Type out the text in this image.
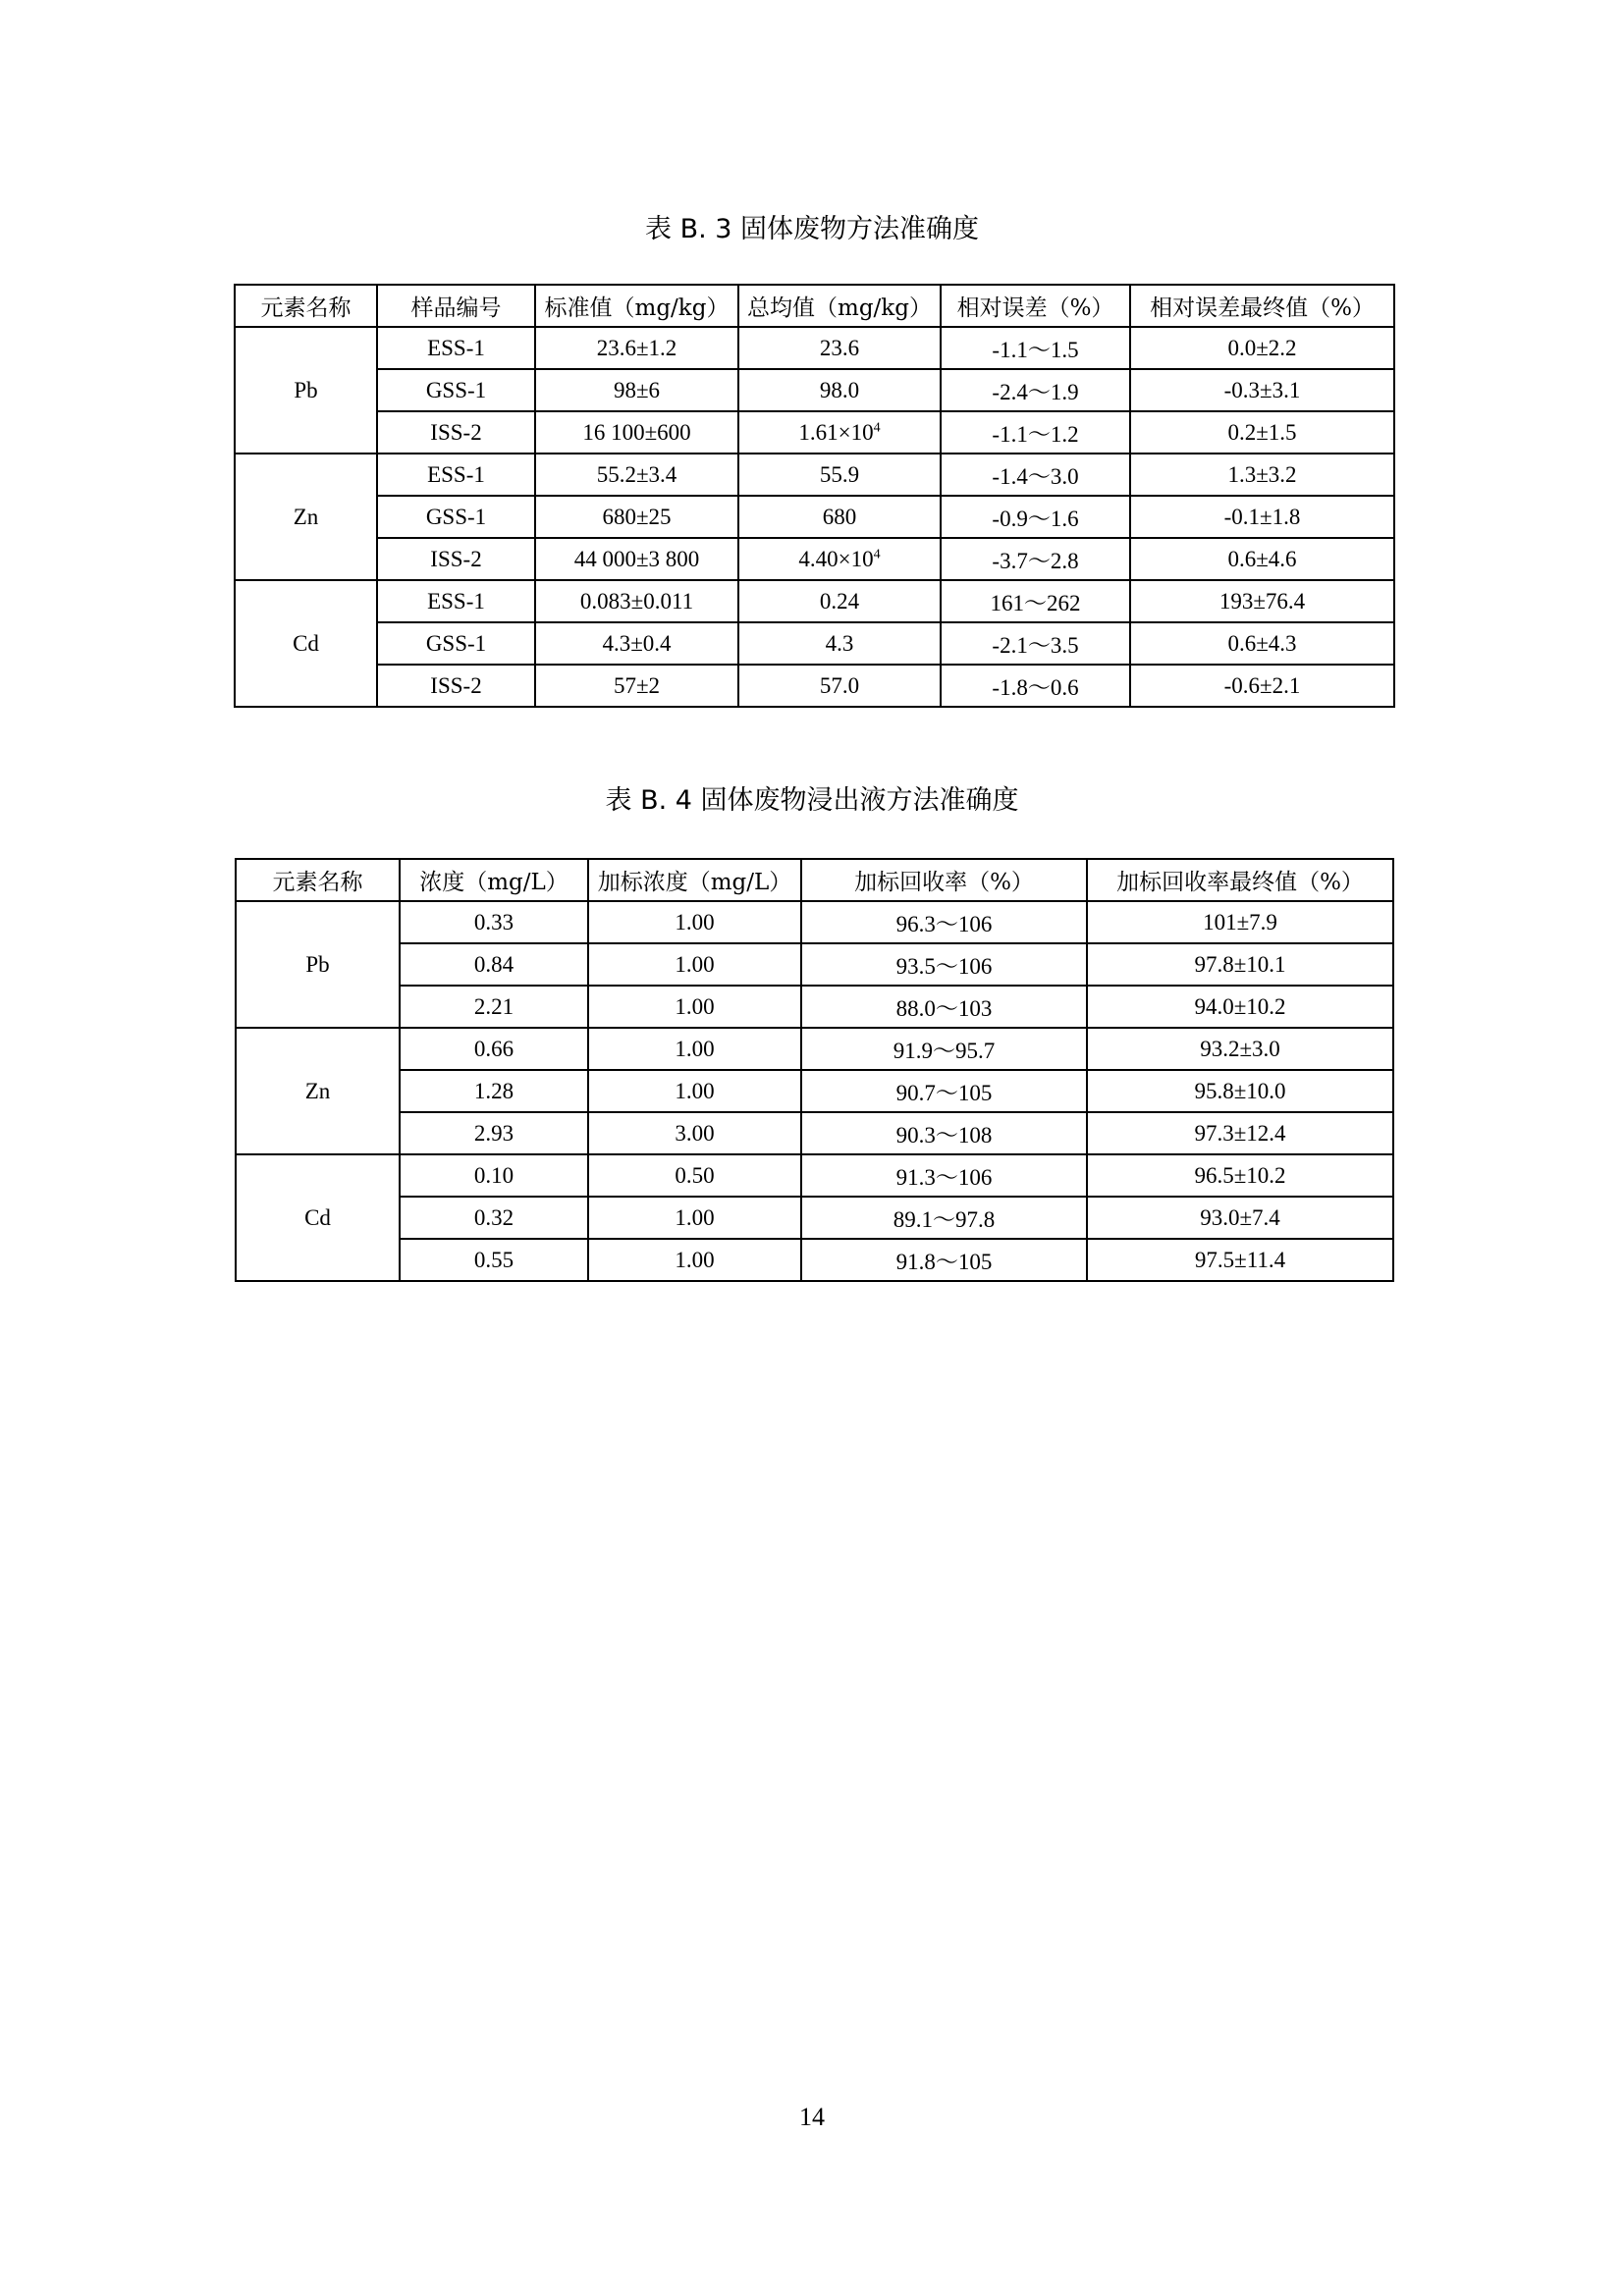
表 B. 3 固体废物方法准确度
元素名称	样品编号	标准值（mg/kg）	总均值（mg/kg）	相对误差（%）	相对误差最终值（%）
Pb	ESS-1	23.6±1.2	23.6	-1.1～1.5	0.0±2.2
	GSS-1	98±6	98.0	-2.4～1.9	-0.3±3.1
	ISS-2	16 100±600	$1.61\times 10^4$	-1.1～1.2	0.2±1.5
Zn	ESS-1	55.2±3.4	55.9	-1.4～3.0	1.3±3.2
	GSS-1	680±25	680	-0.9～1.6	-0.1±1.8
	ISS-2	44 000±3 800	$4.40\times 10^4$	-3.7～2.8	0.6±4.6
Cd	ESS-1	0.083±0.011	0.24	161～262	193±76.4
	GSS-1	4.3±0.4	4.3	-2.1～3.5	0.6±4.3
	ISS-2	57±2	57.0	-1.8～0.6	-0.6±2.1
表 B. 4 固体废物浸出液方法准确度
元素名称	浓度（mg/L）	加标浓度（mg/L）	加标回收率（%）	加标回收率最终值（%）
Pb	0.33	1.00	96.3～106	101±7.9
	0.84	1.00	93.5～106	97.8±10.1
	2.21	1.00	88.0～103	94.0±10.2
Zn	0.66	1.00	91.9～95.7	93.2±3.0
	1.28	1.00	90.7～105	95.8±10.0
	2.93	3.00	90.3～108	97.3±12.4
Cd	0.10	0.50	91.3～106	96.5±10.2
	0.32	1.00	89.1～97.8	93.0±7.4
	0.55	1.00	91.8～105	97.5±11.4
14
